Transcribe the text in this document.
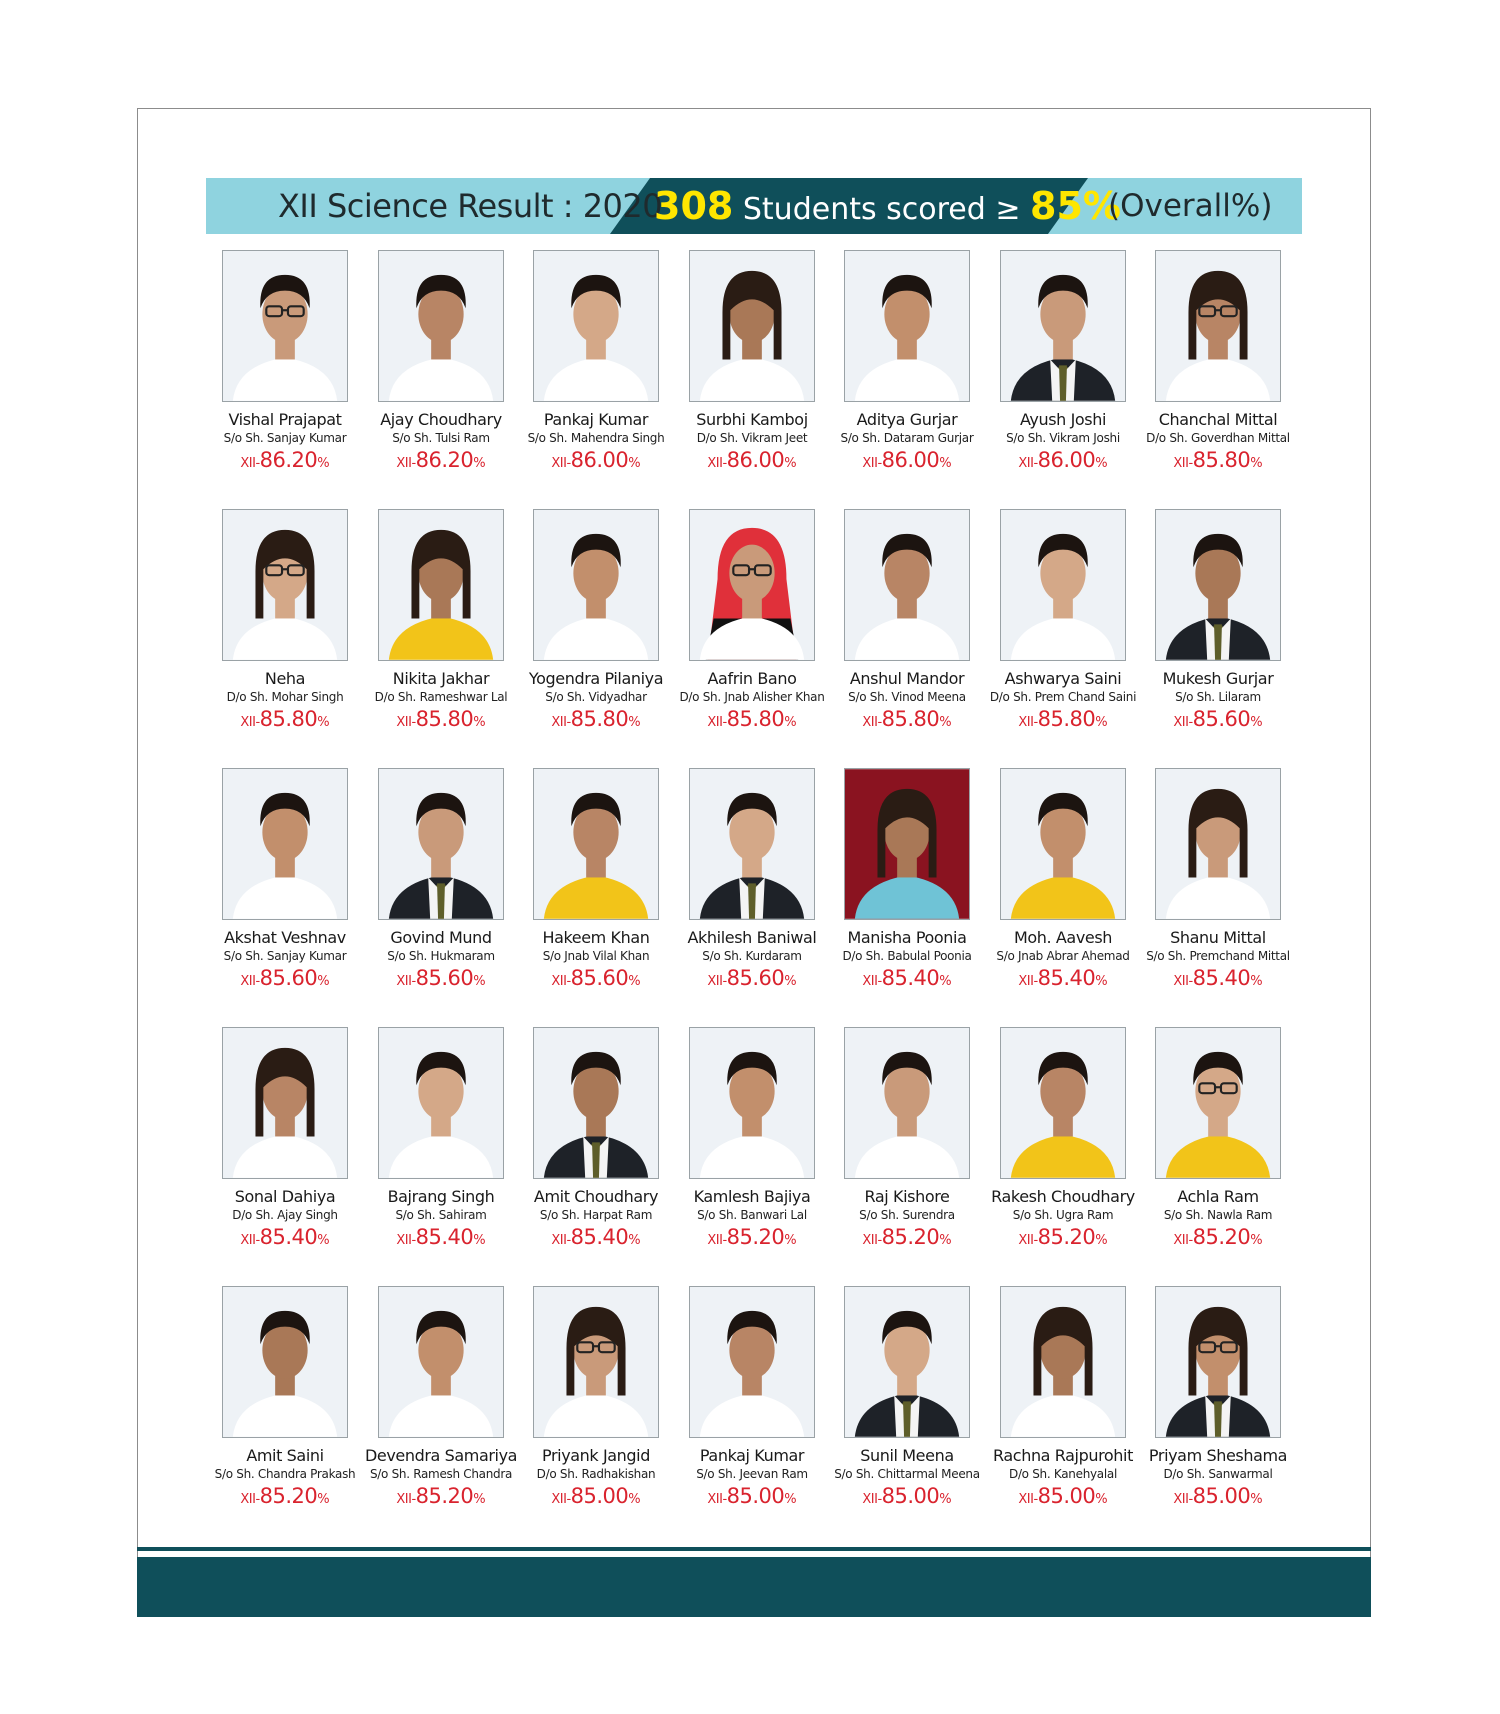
XII Science Result : 2020
308 Students scored ≥ 85%
(Overall%)
Vishal Prajapat
S/o Sh. Sanjay Kumar
XII-86.20%
Ajay Choudhary
S/o Sh. Tulsi Ram
XII-86.20%
Pankaj Kumar
S/o Sh. Mahendra Singh
XII-86.00%
Surbhi Kamboj
D/o Sh. Vikram Jeet
XII-86.00%
Aditya Gurjar
S/o Sh. Dataram Gurjar
XII-86.00%
Ayush Joshi
S/o Sh. Vikram Joshi
XII-86.00%
Chanchal Mittal
D/o Sh. Goverdhan Mittal
XII-85.80%
Neha
D/o Sh. Mohar Singh
XII-85.80%
Nikita Jakhar
D/o Sh. Rameshwar Lal
XII-85.80%
Yogendra Pilaniya
S/o Sh. Vidyadhar
XII-85.80%
Aafrin Bano
D/o Sh. Jnab Alisher Khan
XII-85.80%
Anshul Mandor
S/o Sh. Vinod Meena
XII-85.80%
Ashwarya Saini
D/o Sh. Prem Chand Saini
XII-85.80%
Mukesh Gurjar
S/o Sh. Lilaram
XII-85.60%
Akshat Veshnav
S/o Sh. Sanjay Kumar
XII-85.60%
Govind Mund
S/o Sh. Hukmaram
XII-85.60%
Hakeem Khan
S/o Jnab Vilal Khan
XII-85.60%
Akhilesh Baniwal
S/o Sh. Kurdaram
XII-85.60%
Manisha Poonia
D/o Sh. Babulal Poonia
XII-85.40%
Moh. Aavesh
S/o Jnab Abrar Ahemad
XII-85.40%
Shanu Mittal
S/o Sh. Premchand Mittal
XII-85.40%
Sonal Dahiya
D/o Sh. Ajay Singh
XII-85.40%
Bajrang Singh
S/o Sh. Sahiram
XII-85.40%
Amit Choudhary
S/o Sh. Harpat Ram
XII-85.40%
Kamlesh Bajiya
S/o Sh. Banwari Lal
XII-85.20%
Raj Kishore
S/o Sh. Surendra
XII-85.20%
Rakesh Choudhary
S/o Sh. Ugra Ram
XII-85.20%
Achla Ram
S/o Sh. Nawla Ram
XII-85.20%
Amit Saini
S/o Sh. Chandra Prakash
XII-85.20%
Devendra Samariya
S/o Sh. Ramesh Chandra
XII-85.20%
Priyank Jangid
D/o Sh. Radhakishan
XII-85.00%
Pankaj Kumar
S/o Sh. Jeevan Ram
XII-85.00%
Sunil Meena
S/o Sh. Chittarmal Meena
XII-85.00%
Rachna Rajpurohit
D/o Sh. Kanehyalal
XII-85.00%
Priyam Sheshama
D/o Sh. Sanwarmal
XII-85.00%
